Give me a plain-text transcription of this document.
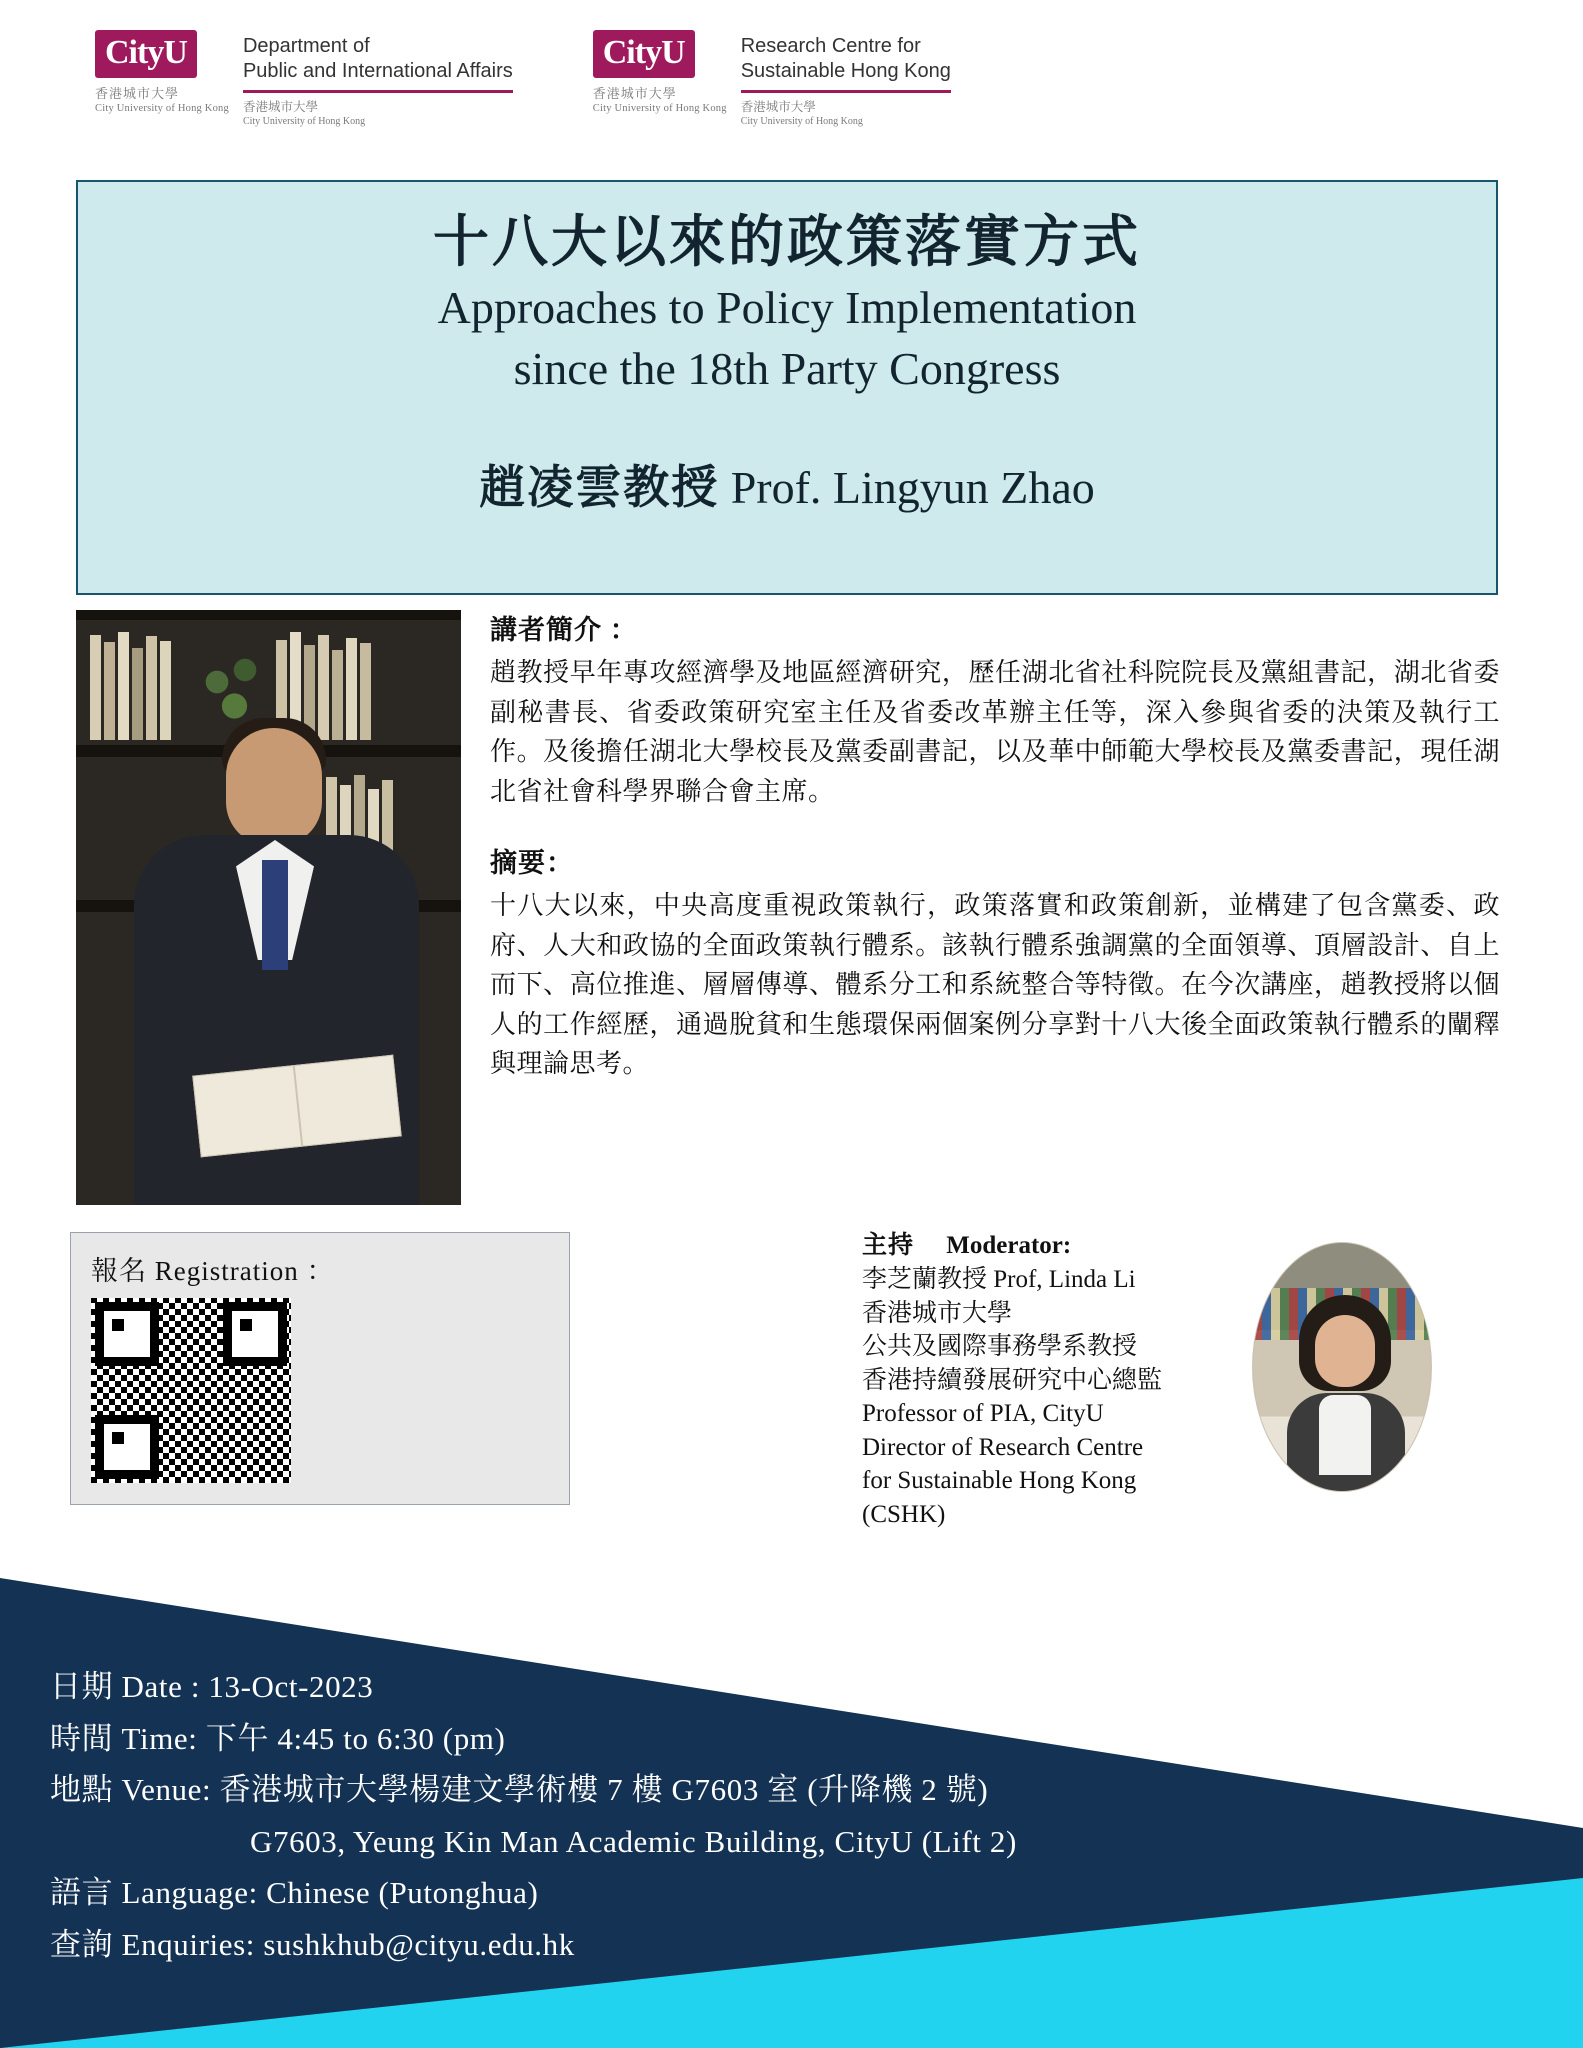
CityU
香港城市大學
City University of Hong Kong
Department of
Public and International Affairs
香港城市大學
City University of Hong Kong
CityU
香港城市大學
City University of Hong Kong
Research Centre for
Sustainable Hong Kong
香港城市大學
City University of Hong Kong
十八大以來的政策落實方式
Approaches to Policy Implementation
since the 18th Party Congress
趙凌雲教授 Prof. Lingyun Zhao
講者簡介 ：
趙教授早年專攻經濟學及地區經濟研究，歷任湖北省社科院院長及黨組書記，湖北省委副秘書長、省委政策研究室主任及省委改革辦主任等，深入參與省委的決策及執行工作。及後擔任湖北大學校長及黨委副書記，以及華中師範大學校長及黨委書記，現任湖北省社會科學界聯合會主席。
摘要：
十八大以來，中央高度重視政策執行，政策落實和政策創新，並構建了包含黨委、政府、人大和政協的全面政策執行體系。該執行體系強調黨的全面領導、頂層設計、自上而下、高位推進、層層傳導、體系分工和系統整合等特徵。在今次講座，趙教授將以個人的工作經歷，通過脫貧和生態環保兩個案例分享對十八大後全面政策執行體系的闡釋與理論思考。
報名 Registration ：
主持 Moderator:
李芝蘭教授 Prof, Linda Li
香港城市大學
公共及國際事務學系教授
香港持續發展研究中心總監
Professor of PIA, CityU
Director of Research Centre
for Sustainable Hong Kong
(CSHK)
日期 Date : 13-Oct-2023
時間 Time: 下午 4:45 to 6:30 (pm)
地點 Venue: 香港城市大學楊建文學術樓 7 樓 G7603 室 (升降機 2 號)
G7603, Yeung Kin Man Academic Building, CityU (Lift 2)
語言 Language: Chinese (Putonghua)
查詢 Enquiries: sushkhub@cityu.edu.hk
